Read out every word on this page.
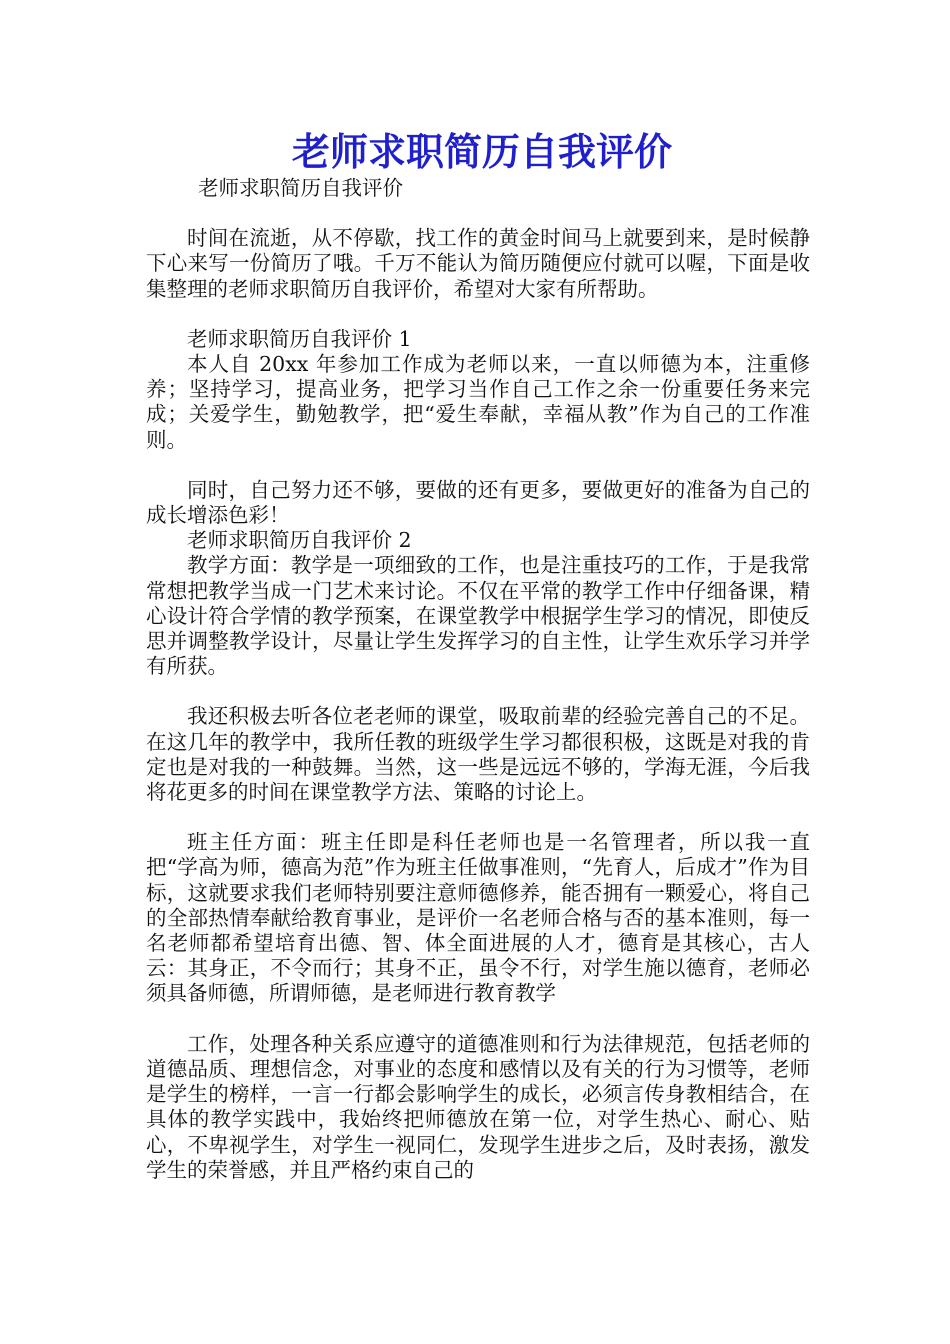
老师求职简历自我评价

老师求职简历自我评价

时间在流逝，从不停歇，找工作的黄金时间马上就要到来，是时候静下心来写一份简历了哦。千万不能认为简历随便应付就可以喔，下面是收集整理的老师求职简历自我评价，希望对大家有所帮助。

老师求职简历自我评价 1

本人自 20xx 年参加工作成为老师以来，一直以师德为本，注重修养；坚持学习，提高业务，把学习当作自己工作之余一份重要任务来完成；关爱学生，勤勉教学，把“爱生奉献，幸福从教”作为自己的工作准则。

同时，自己努力还不够，要做的还有更多，要做更好的准备为自己的成长增添色彩！

老师求职简历自我评价 2

教学方面：教学是一项细致的工作，也是注重技巧的工作，于是我常常想把教学当成一门艺术来讨论。不仅在平常的教学工作中仔细备课，精心设计符合学情的教学预案，在课堂教学中根据学生学习的情况，即使反思并调整教学设计，尽量让学生发挥学习的自主性，让学生欢乐学习并学有所获。

我还积极去听各位老老师的课堂，吸取前辈的经验完善自己的不足。在这几年的教学中，我所任教的班级学生学习都很积极，这既是对我的肯定也是对我的一种鼓舞。当然，这一些是远远不够的，学海无涯，今后我将花更多的时间在课堂教学方法、策略的讨论上。

班主任方面：班主任即是科任老师也是一名管理者，所以我一直把“学高为师，德高为范”作为班主任做事准则，“先育人，后成才”作为目标，这就要求我们老师特别要注意师德修养，能否拥有一颗爱心，将自己的全部热情奉献给教育事业，是评价一名老师合格与否的基本准则，每一名老师都希望培育出德、智、体全面进展的人才，德育是其核心，古人云：其身正，不令而行；其身不正，虽令不行，对学生施以德育，老师必须具备师德，所谓师德，是老师进行教育教学

工作，处理各种关系应遵守的道德准则和行为法律规范，包括老师的道德品质、理想信念，对事业的态度和感情以及有关的行为习惯等，老师是学生的榜样，一言一行都会影响学生的成长，必须言传身教相结合，在具体的教学实践中，我始终把师德放在第一位，对学生热心、耐心、贴心，不卑视学生，对学生一视同仁，发现学生进步之后，及时表扬，激发学生的荣誉感，并且严格约束自己的
